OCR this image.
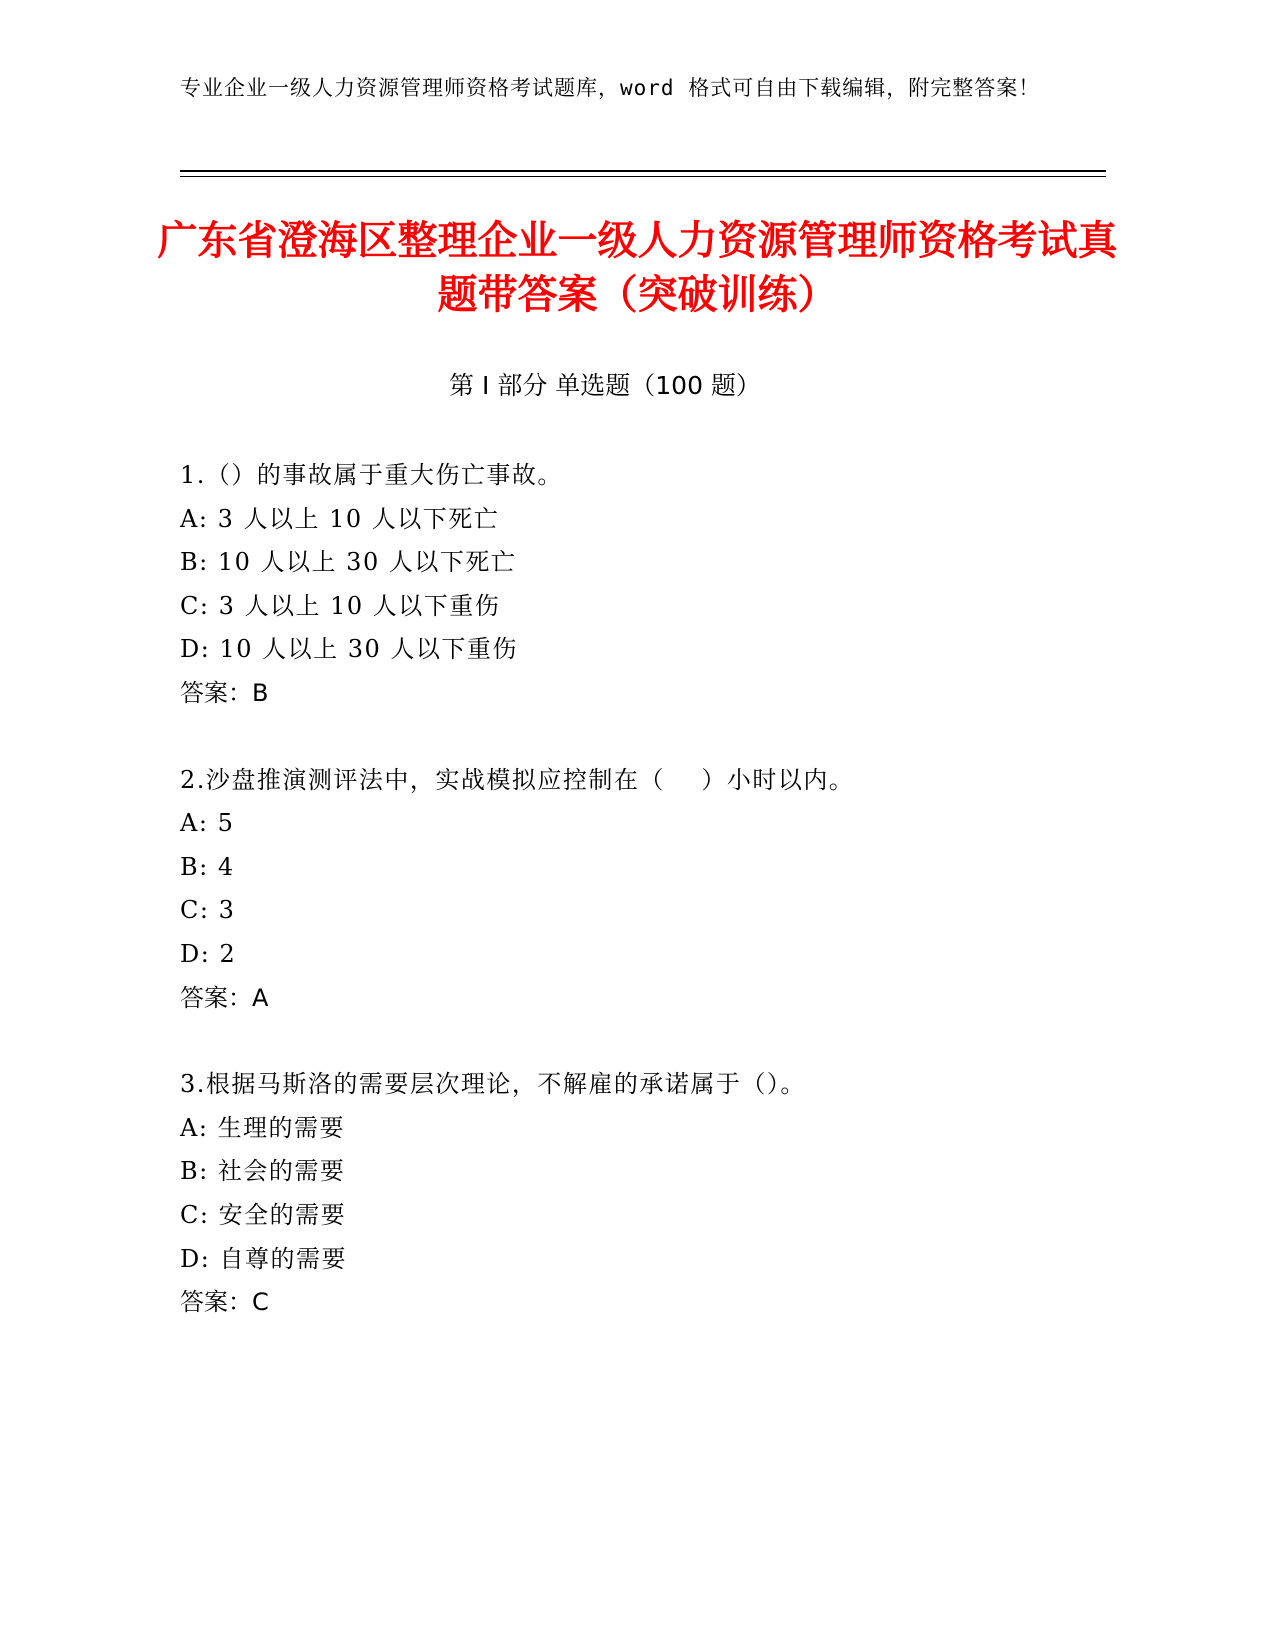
专业企业一级人力资源管理师资格考试题库，word 格式可自由下载编辑，附完整答案！
广东省澄海区整理企业一级人力资源管理师资格考试真题带答案（突破训练）
第 I 部分 单选题（100 题）
1.（）的事故属于重大伤亡事故。
A: 3 人以上 10 人以下死亡
B: 10 人以上 30 人以下死亡
C: 3 人以上 10 人以下重伤
D: 10 人以上 30 人以下重伤
答案：B
2.沙盘推演测评法中，实战模拟应控制在（    ）小时以内。
A: 5
B: 4
C: 3
D: 2
答案：A
3.根据马斯洛的需要层次理论，不解雇的承诺属于（）。
A: 生理的需要
B: 社会的需要
C: 安全的需要
D: 自尊的需要
答案：C
